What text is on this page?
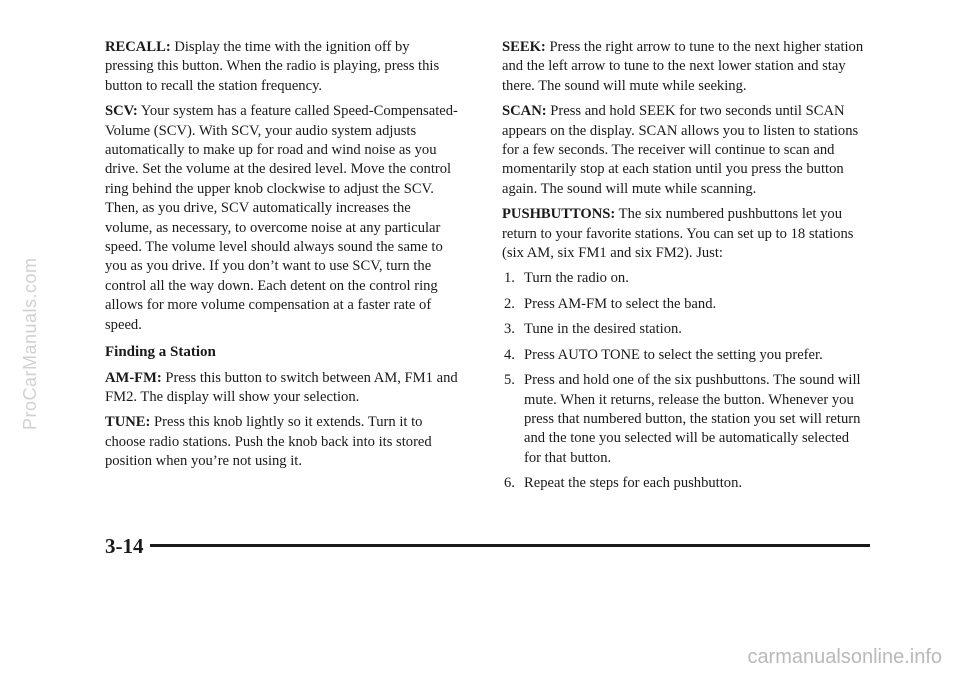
RECALL: Display the time with the ignition off by pressing this button. When the radio is playing, press this button to recall the station frequency.

SCV: Your system has a feature called Speed-Compensated-Volume (SCV). With SCV, your audio system adjusts automatically to make up for road and wind noise as you drive. Set the volume at the desired level. Move the control ring behind the upper knob clockwise to adjust the SCV. Then, as you drive, SCV automatically increases the volume, as necessary, to overcome noise at any particular speed. The volume level should always sound the same to you as you drive. If you don’t want to use SCV, turn the control all the way down. Each detent on the control ring allows for more volume compensation at a faster rate of speed.

Finding a Station

AM-FM: Press this button to switch between AM, FM1 and FM2. The display will show your selection.

TUNE: Press this knob lightly so it extends. Turn it to choose radio stations. Push the knob back into its stored position when you’re not using it.

SEEK: Press the right arrow to tune to the next higher station and the left arrow to tune to the next lower station and stay there. The sound will mute while seeking.

SCAN: Press and hold SEEK for two seconds until SCAN appears on the display. SCAN allows you to listen to stations for a few seconds. The receiver will continue to scan and momentarily stop at each station until you press the button again. The sound will mute while scanning.

PUSHBUTTONS: The six numbered pushbuttons let you return to your favorite stations. You can set up to 18 stations (six AM, six FM1 and six FM2). Just:

1. Turn the radio on.
2. Press AM-FM to select the band.
3. Tune in the desired station.
4. Press AUTO TONE to select the setting you prefer.
5. Press and hold one of the six pushbuttons. The sound will mute. When it returns, release the button. Whenever you press that numbered button, the station you set will return and the tone you selected will be automatically selected for that button.
6. Repeat the steps for each pushbutton.
3-14
ProCarManuals.com
carmanualsonline.info
